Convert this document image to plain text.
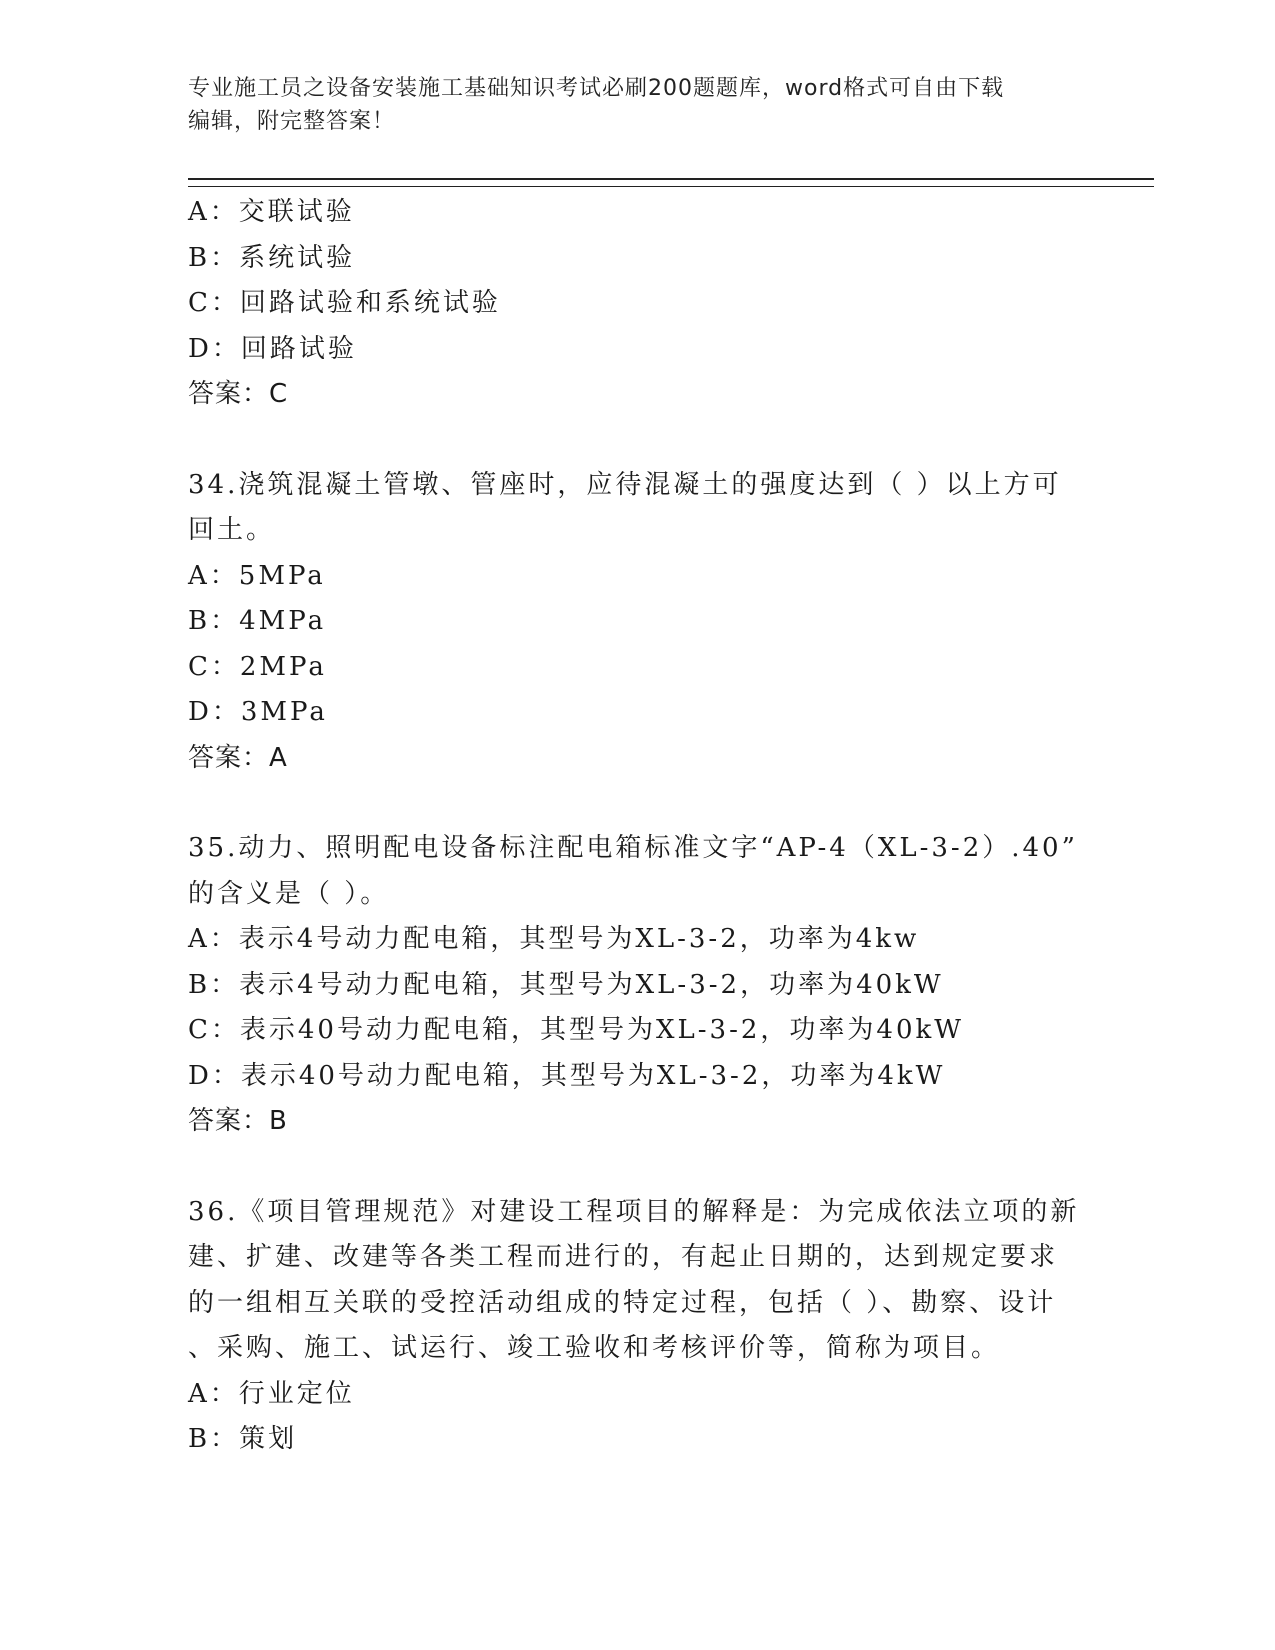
专业施工员之设备安装施工基础知识考试必刷200题题库，word格式可自由下载
编辑，附完整答案！
A：交联试验
B：系统试验
C：回路试验和系统试验
D：回路试验
答案：C
34.浇筑混凝土管墩、管座时，应待混凝土的强度达到（ ）以上方可
回土。
A：5MPa
B：4MPa
C：2MPa
D：3MPa
答案：A
35.动力、照明配电设备标注配电箱标准文字“AP-4（XL-3-2）.40”
的含义是（ ）。
A：表示4号动力配电箱，其型号为XL-3-2，功率为4kw
B：表示4号动力配电箱，其型号为XL-3-2，功率为40kW
C：表示40号动力配电箱，其型号为XL-3-2，功率为40kW
D：表示40号动力配电箱，其型号为XL-3-2，功率为4kW
答案：B
36.《项目管理规范》对建设工程项目的解释是：为完成依法立项的新
建、扩建、改建等各类工程而进行的，有起止日期的，达到规定要求
的一组相互关联的受控活动组成的特定过程，包括（ ）、勘察、设计
、采购、施工、试运行、竣工验收和考核评价等，简称为项目。
A：行业定位
B：策划
